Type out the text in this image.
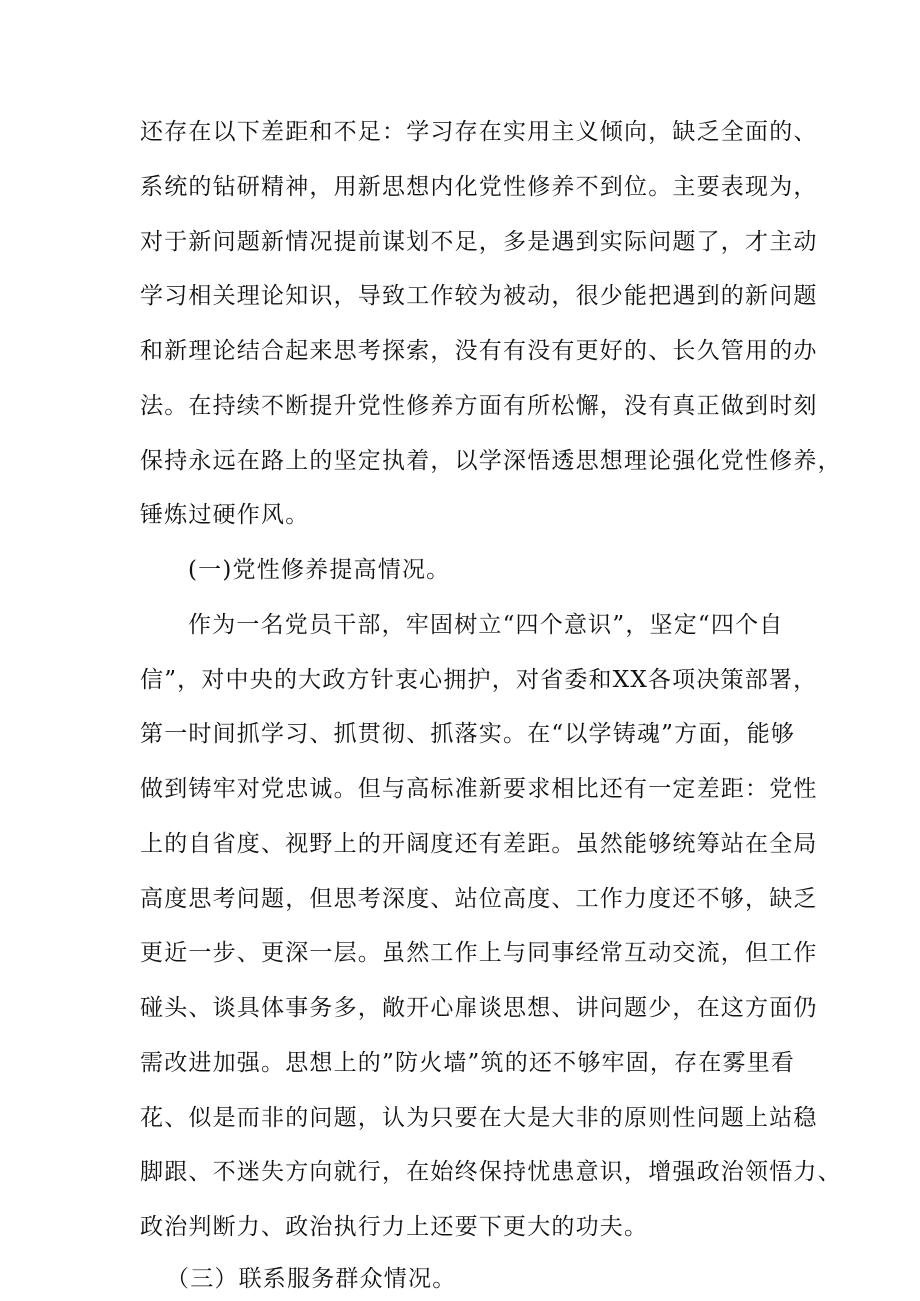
还存在以下差距和不足：学习存在实用主义倾向，缺乏全面的、

系统的钻研精神，用新思想内化党性修养不到位。主要表现为，

对于新问题新情况提前谋划不足，多是遇到实际问题了，才主动

学习相关理论知识，导致工作较为被动，很少能把遇到的新问题

和新理论结合起来思考探索，没有有没有更好的、长久管用的办

法。在持续不断提升党性修养方面有所松懈，没有真正做到时刻

保持永远在路上的坚定执着，以学深悟透思想理论强化党性修养，

锤炼过硬作风。

(一)党性修养提高情况。

作为一名党员干部，牢固树立“四个意识”，坚定“四个自

信”，对中央的大政方针衷心拥护，对省委和XX各项决策部署，

第一时间抓学习、抓贯彻、抓落实。在“以学铸魂”方面，能够

做到铸牢对党忠诚。但与高标准新要求相比还有一定差距：党性

上的自省度、视野上的开阔度还有差距。虽然能够统筹站在全局

高度思考问题，但思考深度、站位高度、工作力度还不够，缺乏

更近一步、更深一层。虽然工作上与同事经常互动交流，但工作

碰头、谈具体事务多，敞开心扉谈思想、讲问题少，在这方面仍

需改进加强。思想上的”防火墙”筑的还不够牢固，存在雾里看

花、似是而非的问题，认为只要在大是大非的原则性问题上站稳

脚跟、不迷失方向就行，在始终保持忧患意识，增强政治领悟力、

政治判断力、政治执行力上还要下更大的功夫。

（三）联系服务群众情况。
